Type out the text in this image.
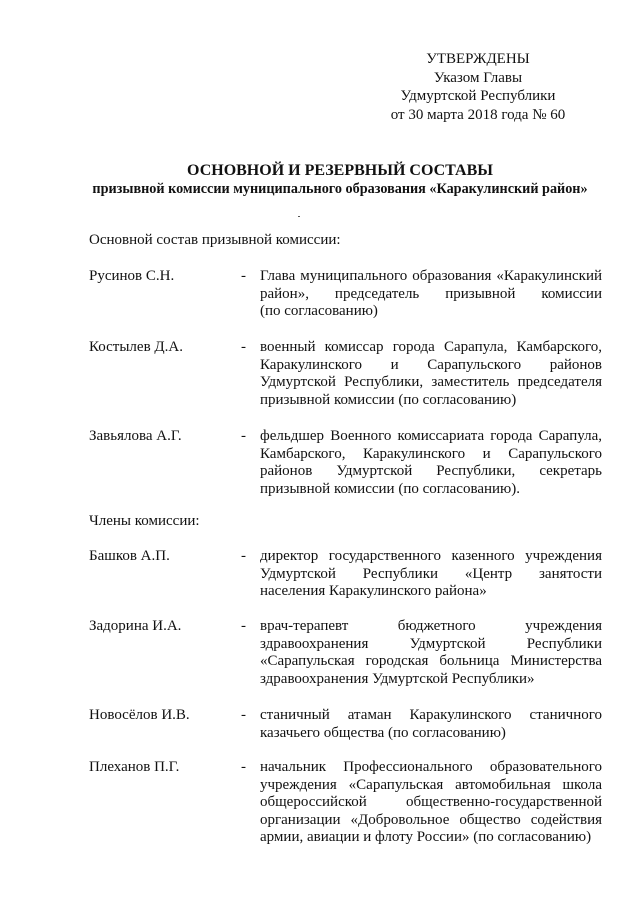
УТВЕРЖДЕНЫ
Указом Главы
Удмуртской Республики
от 30 марта 2018 года № 60
ОСНОВНОЙ И РЕЗЕРВНЫЙ СОСТАВЫ
призывной комиссии муниципального образования «Каракулинский район»
Основной состав призывной комиссии:
Русинов С.Н.	- Глава муниципального образования «Каракулинский
район», председатель призывной комиссии
(по согласованию)
Костылев Д.А.	- военный комиссар города Сарапула, Камбарского,
Каракулинского и Сарапульского районов
Удмуртской Республики, заместитель председателя
призывной комиссии (по согласованию)
Завьялова А.Г.	- фельдшер Военного комиссариата города Сарапула,
Камбарского, Каракулинского и Сарапульского
районов Удмуртской Республики, секретарь
призывной комиссии (по согласованию).
Члены комиссии:
Башков А.П.	- директор государственного казенного учреждения
Удмуртской Республики «Центр занятости
населения Каракулинского района»
Задорина И.А.	- врач-терапевт бюджетного учреждения
здравоохранения Удмуртской Республики
«Сарапульская городская больница Министерства
здравоохранения Удмуртской Республики»
Новосёлов И.В.	- станичный атаман Каракулинского станичного
казачьего общества (по согласованию)
Плеханов П.Г.	- начальник Профессионального образовательного
учреждения «Сарапульская автомобильная школа
общероссийской общественно-государственной
организации «Добровольное общество содействия
армии, авиации и флоту России» (по согласованию)
